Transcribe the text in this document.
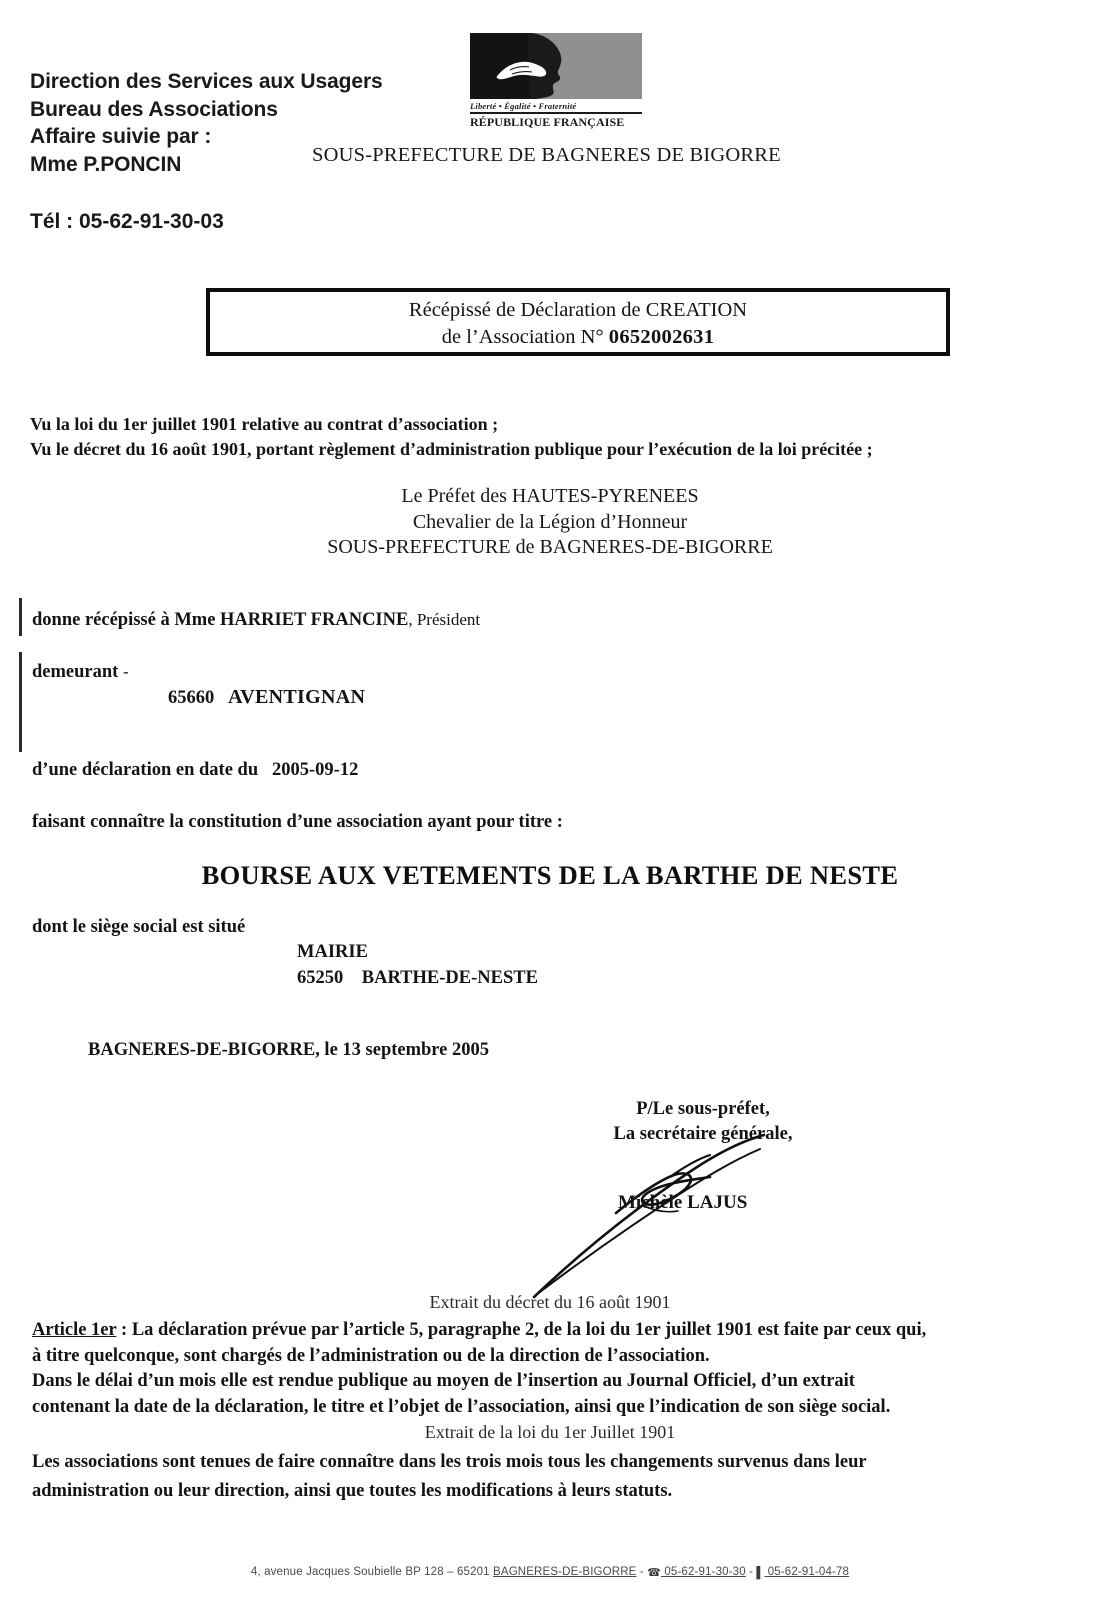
Direction des Services aux Usagers
Bureau des Associations
Affaire suivie par :
Mme P.PONCIN
Tél : 05-62-91-30-03
Liberté • Égalité • Fraternité
RÉPUBLIQUE FRANÇAISE
SOUS-PREFECTURE DE BAGNERES DE BIGORRE
Récépissé de Déclaration de CREATION
de l’Association N° 0652002631
Vu la loi du 1er juillet 1901 relative au contrat d’association ;
Vu le décret du 16 août 1901, portant règlement d’administration publique pour l’exécution de la loi précitée ;
Le Préfet des HAUTES-PYRENEES
Chevalier de la Légion d’Honneur
SOUS-PREFECTURE de BAGNERES-DE-BIGORRE
donne récépissé à Mme HARRIET FRANCINE, Président
demeurant -
65660 AVENTIGNAN
d’une déclaration en date du 2005-09-12
faisant connaître la constitution d’une association ayant pour titre :
BOURSE AUX VETEMENTS DE LA BARTHE DE NESTE
dont le siège social est situé
MAIRIE
65250 BARTHE-DE-NESTE
BAGNERES-DE-BIGORRE, le 13 septembre 2005
P/Le sous-préfet,
La secrétaire générale,
Michèle LAJUS
Extrait du décret du 16 août 1901
Article 1er : La déclaration prévue par l’article 5, paragraphe 2, de la loi du 1er juillet 1901 est faite par ceux qui,
à titre quelconque, sont chargés de l’administration ou de la direction de l’association.
Dans le délai d’un mois elle est rendue publique au moyen de l’insertion au Journal Officiel, d’un extrait
contenant la date de la déclaration, le titre et l’objet de l’association, ainsi que l’indication de son siège social.
Extrait de la loi du 1er Juillet 1901
Les associations sont tenues de faire connaître dans les trois mois tous les changements survenus dans leur
administration ou leur direction, ainsi que toutes les modifications à leurs statuts.
4, avenue Jacques Soubielle BP 128 – 65201 BAGNERES-DE-BIGORRE - ☎ 05-62-91-30-30 - ▌ 05-62-91-04-78
